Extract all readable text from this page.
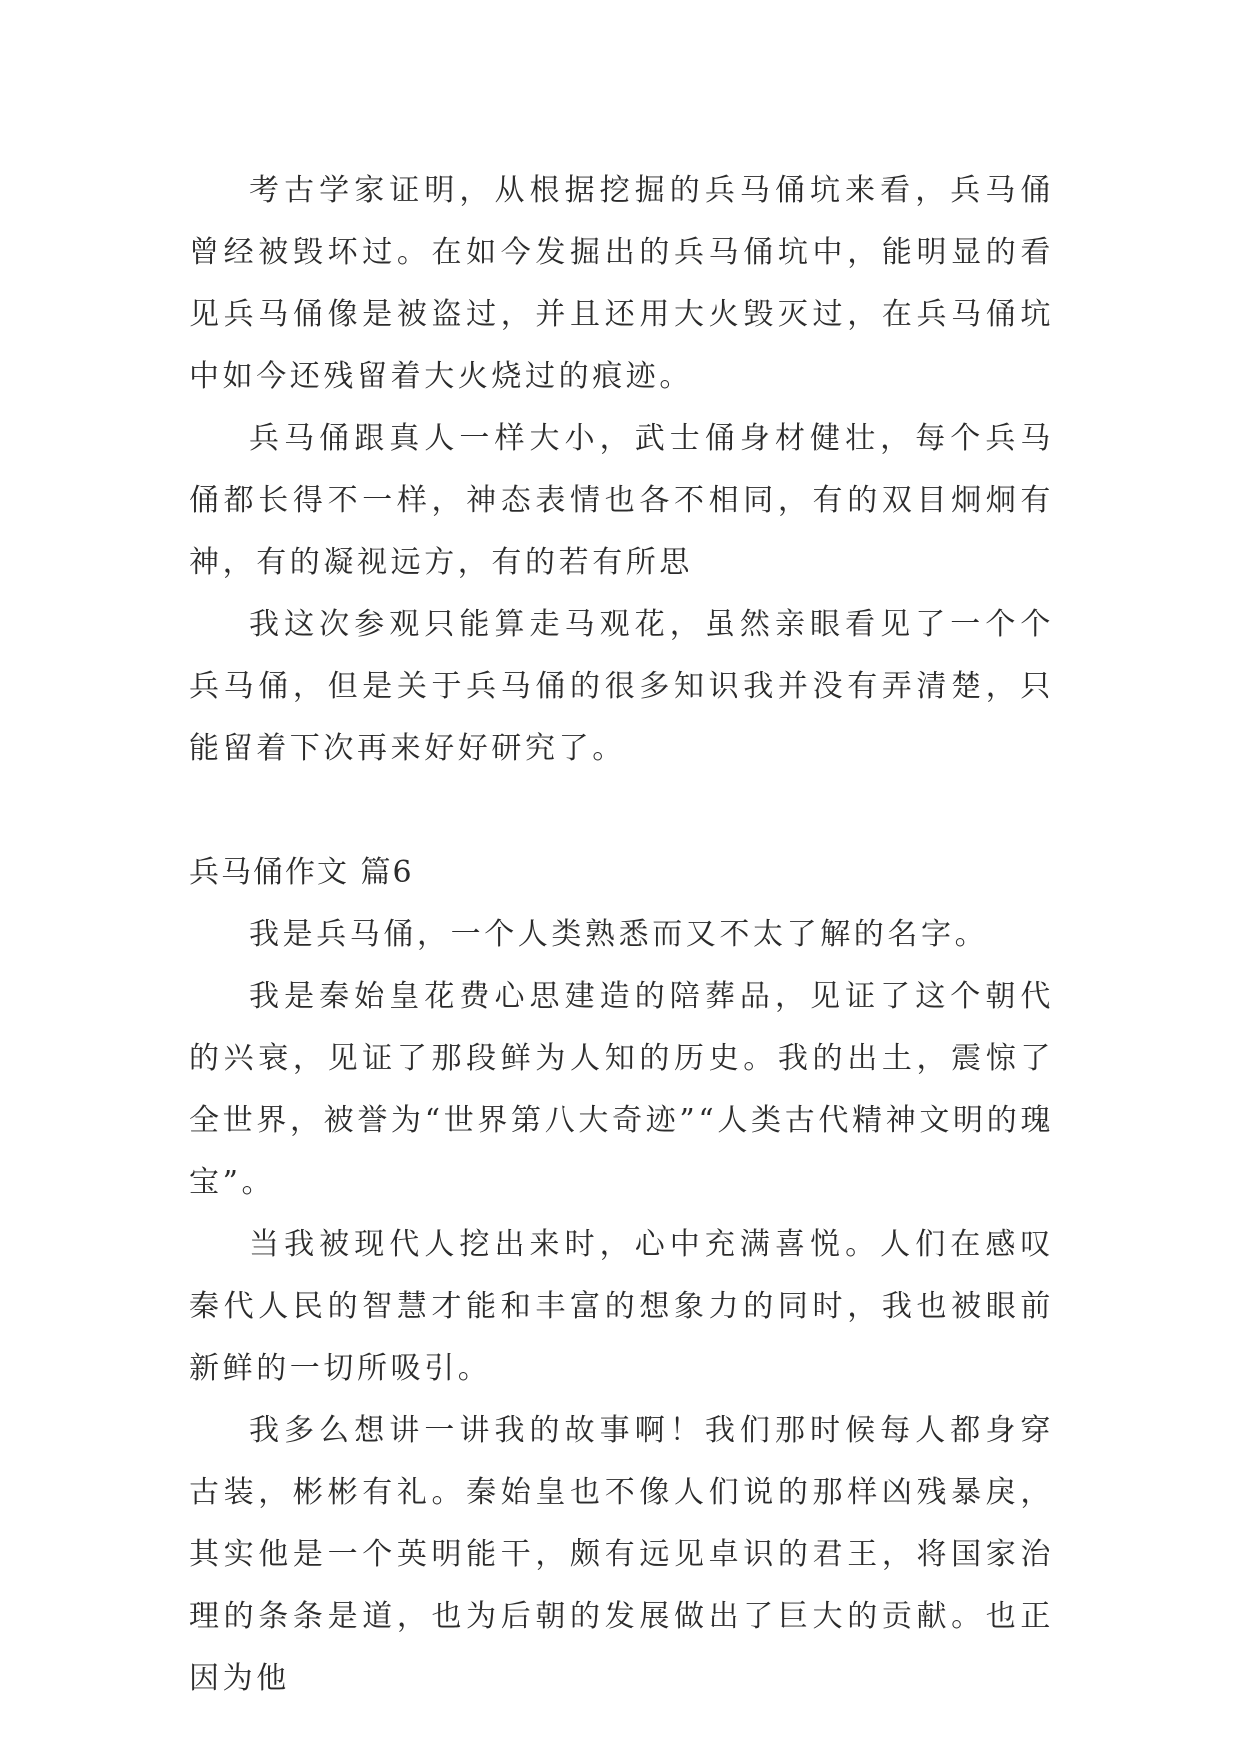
考古学家证明，从根据挖掘的兵马俑坑来看，兵马俑曾经被毁坏过。在如今发掘出的兵马俑坑中，能明显的看见兵马俑像是被盗过，并且还用大火毁灭过，在兵马俑坑中如今还残留着大火烧过的痕迹。

兵马俑跟真人一样大小，武士俑身材健壮，每个兵马俑都长得不一样，神态表情也各不相同，有的双目炯炯有神，有的凝视远方，有的若有所思

我这次参观只能算走马观花，虽然亲眼看见了一个个兵马俑，但是关于兵马俑的很多知识我并没有弄清楚，只能留着下次再来好好研究了。

兵马俑作文 篇6

我是兵马俑，一个人类熟悉而又不太了解的名字。

我是秦始皇花费心思建造的陪葬品，见证了这个朝代的兴衰，见证了那段鲜为人知的历史。我的出土，震惊了全世界，被誉为“世界第八大奇迹”“人类古代精神文明的瑰宝”。

当我被现代人挖出来时，心中充满喜悦。人们在感叹秦代人民的智慧才能和丰富的想象力的同时，我也被眼前新鲜的一切所吸引。

我多么想讲一讲我的故事啊！我们那时候每人都身穿古装，彬彬有礼。秦始皇也不像人们说的那样凶残暴戾，其实他是一个英明能干，颇有远见卓识的君王，将国家治理的条条是道，也为后朝的发展做出了巨大的贡献。也正因为他
